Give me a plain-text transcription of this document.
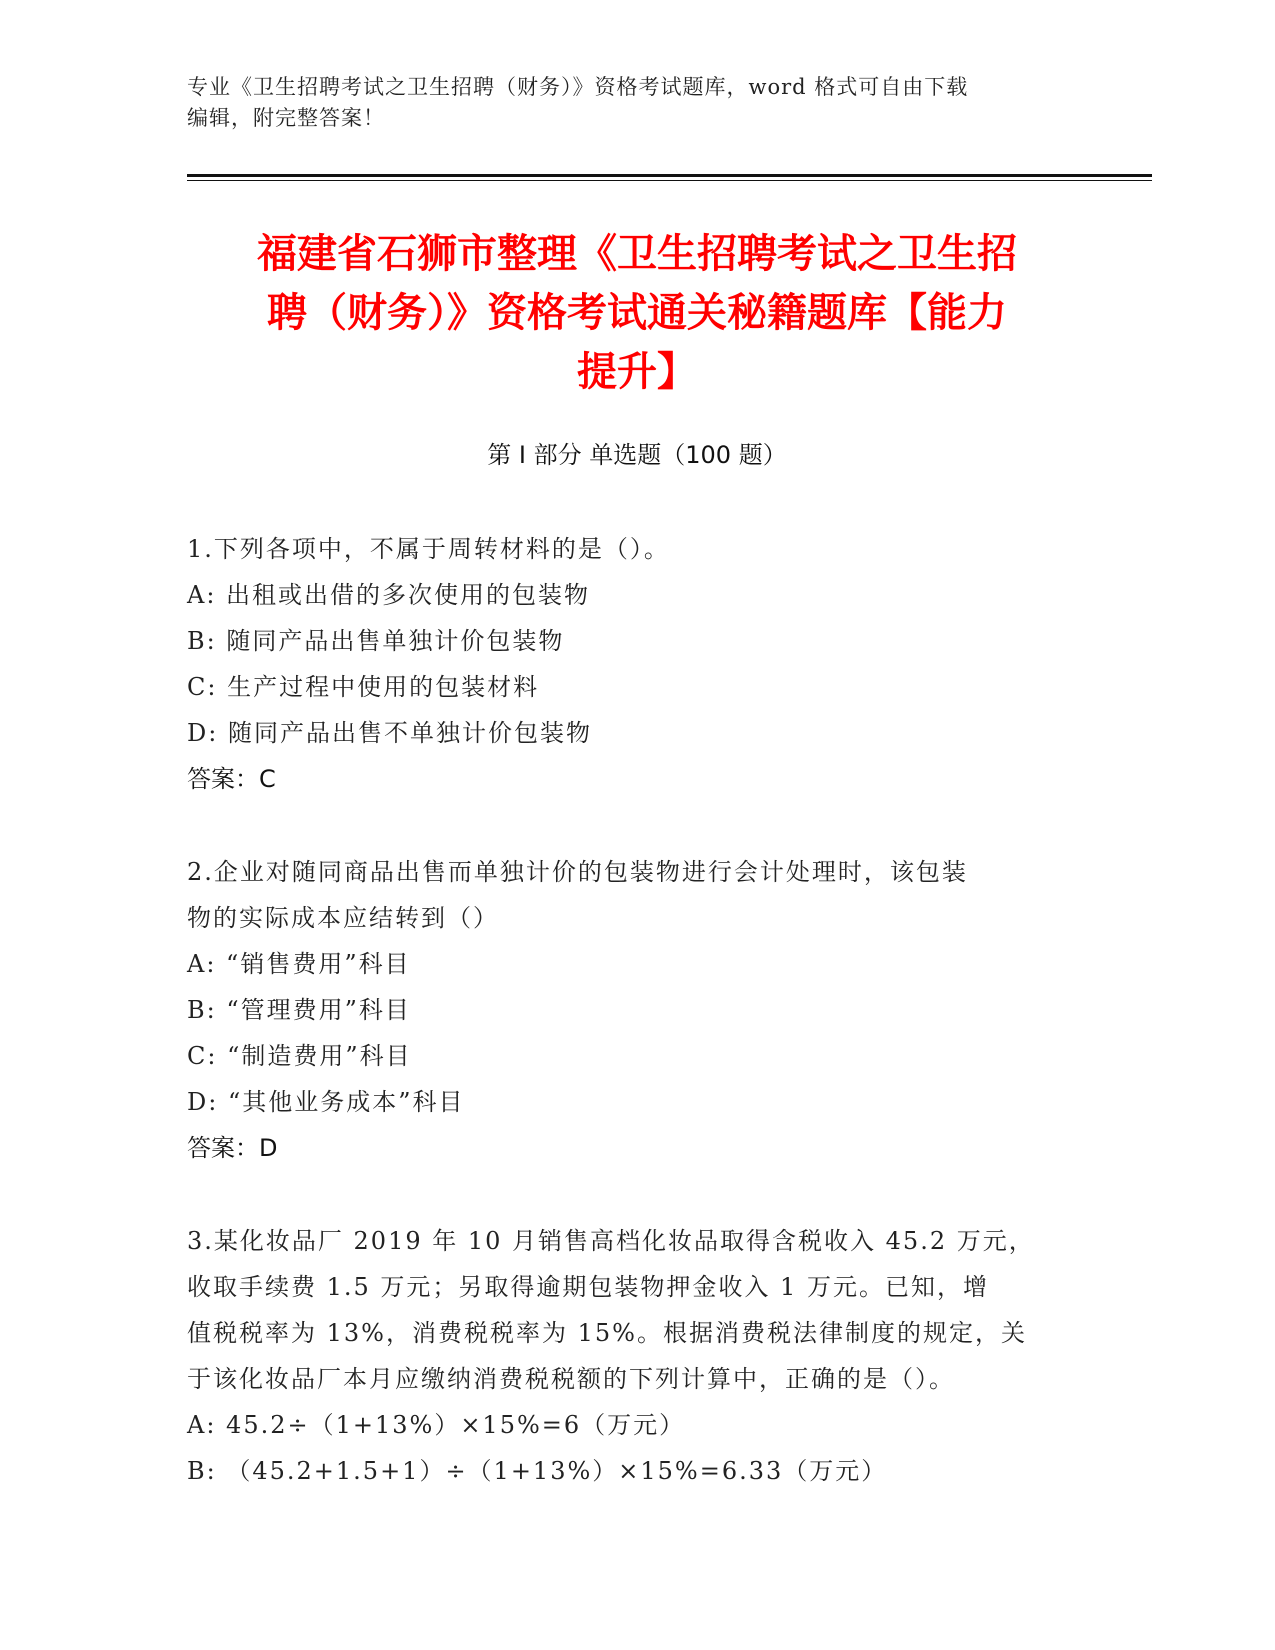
专业《卫生招聘考试之卫生招聘（财务）》资格考试题库，word 格式可自由下载
编辑，附完整答案！
福建省石狮市整理《卫生招聘考试之卫生招
聘（财务）》资格考试通关秘籍题库【能力
提升】
第 I 部分 单选题（100 题）

1.下列各项中，不属于周转材料的是（）。

A: 出租或出借的多次使用的包装物

B: 随同产品出售单独计价包装物

C: 生产过程中使用的包装材料

D: 随同产品出售不单独计价包装物

答案：C

2.企业对随同商品出售而单独计价的包装物进行会计处理时，该包装

物的实际成本应结转到（）

A: “销售费用”科目

B: “管理费用”科目

C: “制造费用”科目

D: “其他业务成本”科目

答案：D

3.某化妆品厂 2019 年 10 月销售高档化妆品取得含税收入 45.2 万元，

收取手续费 1.5 万元；另取得逾期包装物押金收入 1 万元。已知，增

值税税率为 13%，消费税税率为 15%。根据消费税法律制度的规定，关

于该化妆品厂本月应缴纳消费税税额的下列计算中，正确的是（）。

A: 45.2÷（1+13%）×15%=6（万元）

B: （45.2+1.5+1）÷（1+13%）×15%=6.33（万元）
